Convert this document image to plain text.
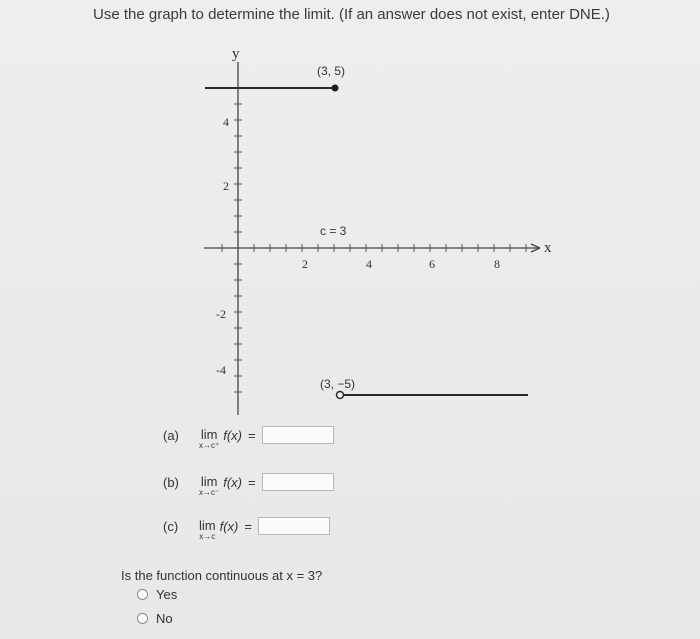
Use the graph to determine the limit. (If an answer does not exist, enter DNE.)
y
x
2	4	6	8
4
2
-2
-4
(3, 5)
c = 3
(3, −5)
(a)	lim
x→c⁺
f(x) =
(b)	lim
x→c⁻
f(x) =
(c)	lim
x→c
f(x) =
Is the function continuous at x = 3?
Yes
No
